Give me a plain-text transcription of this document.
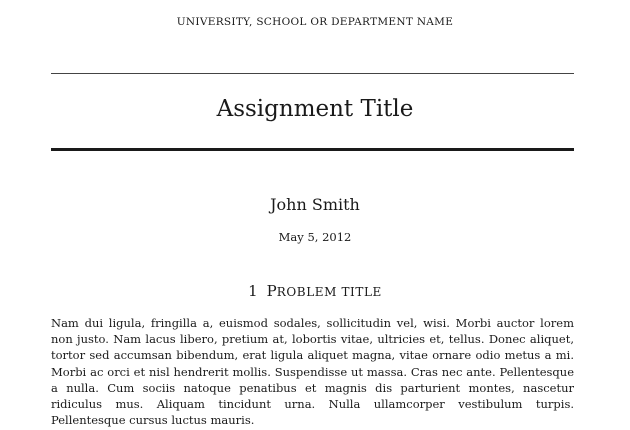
UNIVERSITY, SCHOOL OR DEPARTMENT NAME
Assignment Title
John Smith
May 5, 2012
1 PROBLEM TITLE

Nam dui ligula, fringilla a, euismod sodales, sollicitudin vel, wisi. Morbi auctor lorem non justo. Nam lacus libero, pretium at, lobortis vitae, ultricies et, tellus. Donec aliquet, tortor sed accumsan bibendum, erat ligula aliquet magna, vitae ornare odio metus a mi. Morbi ac orci et nisl hendrerit mollis. Suspendisse ut massa. Cras nec ante. Pellentesque a nulla. Cum sociis natoque penatibus et magnis dis parturient montes, nascetur ridiculus mus. Aliquam tincidunt urna. Nulla ullamcorper vestibulum turpis. Pellentesque cursus luctus mauris.
